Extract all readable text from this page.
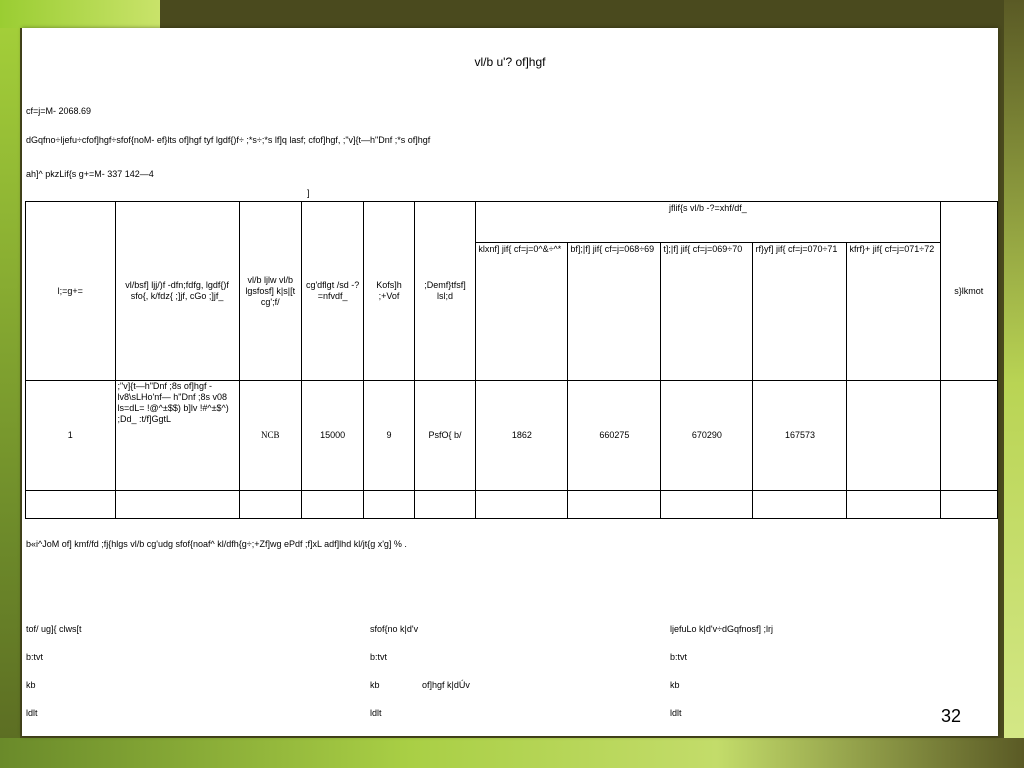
vl/b u'? of]hgf
cf=j=M- 2068.69
dGqfno÷ljefu÷cfof]hgf÷sfof{noM- ef}lts of]hgf tyf lgdf{)f÷ ;*s÷;*s lf]q lasf; cfof]hgf, ;"v]{t—h"Dnf ;*s of]hgf
ah]^ pkzLif{s g+=M- 337 142—4
]
l;=g+=	vl/bsf] ljj/)f -dfn;fdfg, lgdf{)f sfo{, k/fdz{ ;]jf, cGo ;]jf_	vl/b ljlw vl/b lgsfosf] k|s|[t cg';f/	cg'dflgt /sd -?=nfvdf_	Kofs]h ;+Vof	;Demf}tfsf] lsl;d	jflif{s vl/b -?=xhf/df_					s}lkmot
						klxnf] jif{ cf=j=0^&÷^*	bf];|f] jif{ cf=j=068÷69	t];|f] jif{ cf=j=069÷70	rf}yf] jif{ cf=j=070÷71	kfrf}+ jif{ cf=j=071÷72	
1	;"v]{t—h"Dnf ;8s of]hgf -lv8\sLHo'nf— h"Dnf ;8s v08 ls=dL= !@^±$$) b]lv !#^±$^) ;Dd_ :t/f]GgtL	NCB	15000	9	PsfO{ b/	1862	660275	670290	167573		

b«i^JoM of] kmf/fd ;fj{hlgs vl/b cg'udg sfof{noaf^ kl/dfh{g÷;+Zf]wg ePdf ;f]xL adf]lhd kl/jt{g x'g] % .
tof/ ug]{ clws[t	sfof{no k|d'v	ljefuLo k|d'v÷dGqfnosf] ;lrj
b:tvt	b:tvt	b:tvt
kb	kb	of]hgf k|dÚv	kb
ldlt	ldlt	ldlt	32
